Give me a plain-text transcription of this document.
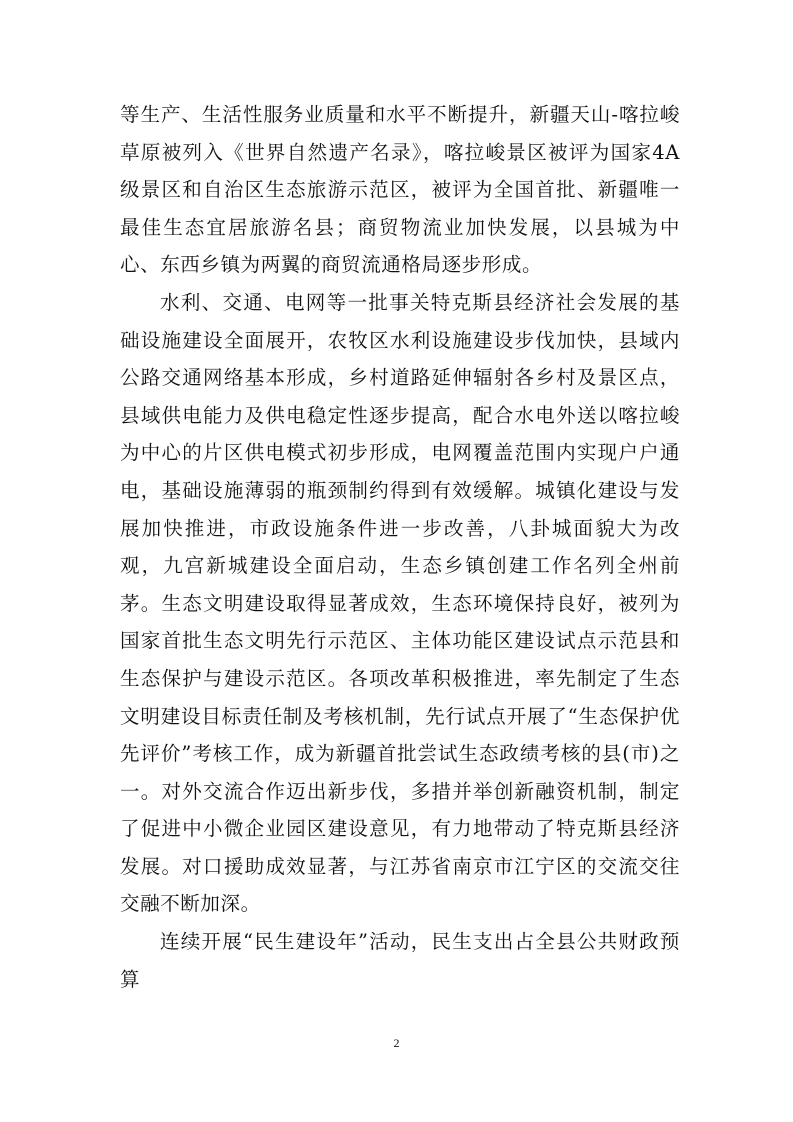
等生产、生活性服务业质量和水平不断提升，新疆天山-喀拉峻草原被列入《世界自然遗产名录》，喀拉峻景区被评为国家4A级景区和自治区生态旅游示范区，被评为全国首批、新疆唯一最佳生态宜居旅游名县；商贸物流业加快发展，以县城为中心、东西乡镇为两翼的商贸流通格局逐步形成。

水利、交通、电网等一批事关特克斯县经济社会发展的基础设施建设全面展开，农牧区水利设施建设步伐加快，县域内公路交通网络基本形成，乡村道路延伸辐射各乡村及景区点，县域供电能力及供电稳定性逐步提高，配合水电外送以喀拉峻为中心的片区供电模式初步形成，电网覆盖范围内实现户户通电，基础设施薄弱的瓶颈制约得到有效缓解。城镇化建设与发展加快推进，市政设施条件进一步改善，八卦城面貌大为改观，九宫新城建设全面启动，生态乡镇创建工作名列全州前茅。生态文明建设取得显著成效，生态环境保持良好，被列为国家首批生态文明先行示范区、主体功能区建设试点示范县和生态保护与建设示范区。各项改革积极推进，率先制定了生态文明建设目标责任制及考核机制，先行试点开展了“生态保护优先评价”考核工作，成为新疆首批尝试生态政绩考核的县(市)之一。对外交流合作迈出新步伐，多措并举创新融资机制，制定了促进中小微企业园区建设意见，有力地带动了特克斯县经济发展。对口援助成效显著，与江苏省南京市江宁区的交流交往交融不断加深。

连续开展“民生建设年”活动，民生支出占全县公共财政预算

2
